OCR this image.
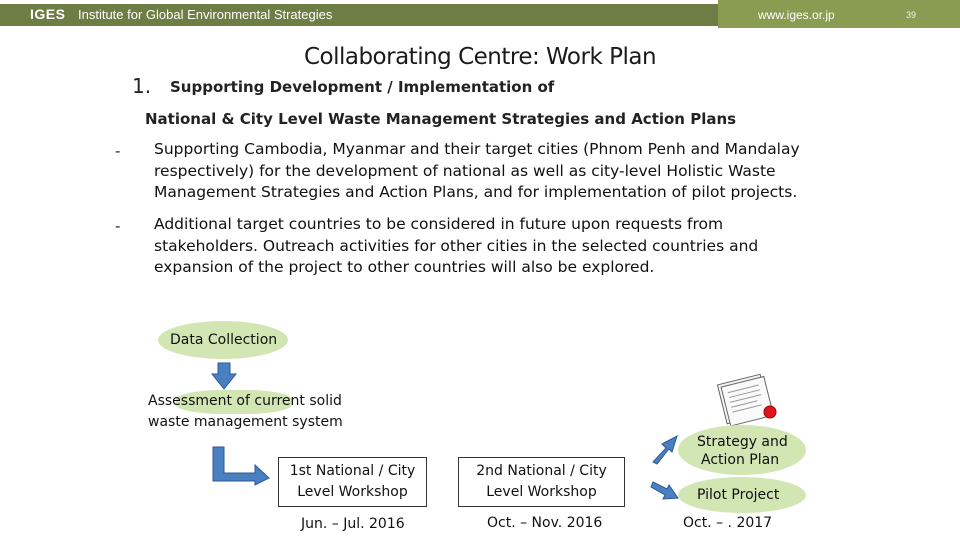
IGES Institute for Global Environmental Strategies	www.iges.or.jp	39
Collaborating Centre: Work Plan
1. Supporting Development / Implementation of
National & City Level Waste Management Strategies and Action Plans
- Supporting Cambodia, Myanmar and their target cities (Phnom Penh and Mandalay respectively) for the development of national as well as city-level Holistic Waste Management Strategies and Action Plans, and for implementation of pilot projects.
- Additional target countries to be considered in future upon requests from stakeholders. Outreach activities for other cities in the selected countries and expansion of the project to other countries will also be explored.
Data Collection
Assessment of current solid
waste management system
1st National / City
Level Workshop
2nd National / City
Level Workshop
Strategy and
Action Plan
Pilot Project
Jun. – Jul. 2016	Oct. – Nov. 2016	Oct. – . 2017
